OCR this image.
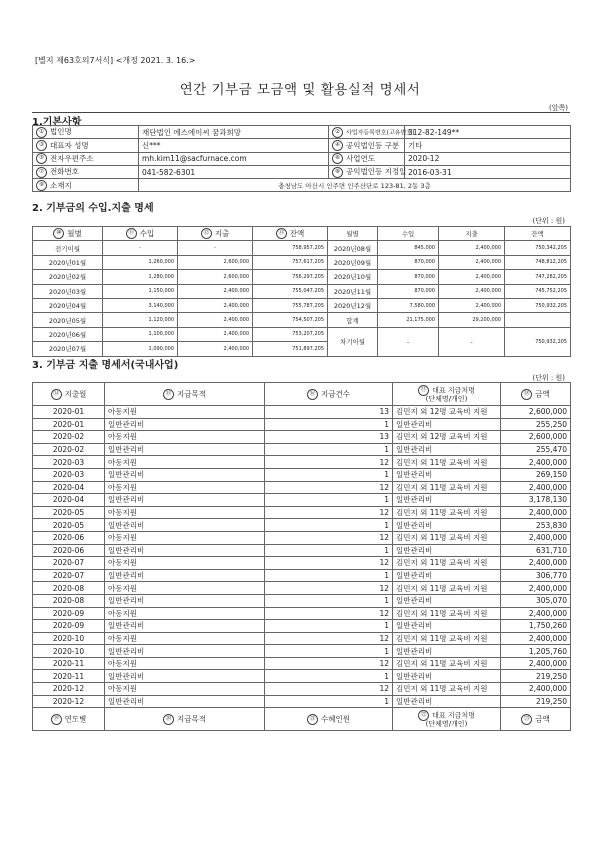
[별지 제63호의7서식] <개정 2021. 3. 16.>
연간 기부금 모금액 및 활용실적 명세서
(앞쪽)
1.기본사항
① 법인명	재단법인 에스에이씨 꿈과희망	② 사업자등록번호(고유번호)	312-82-149**
③ 대표자 성명	신***	④ 공익법인등 구분	기타
⑤ 전자우편주소	mh.kim11@sacfurnace.com	⑥ 사업연도	2020-12
⑦ 전화번호	041-582-6301	⑧ 공익법인등 지정일	2016-03-31
⑨ 소재지	충청남도 아산시 인주면 인주산단로 123-81, 2동 3층		
2. 기부금의 수입.지출 명세
(단위 : 원)
⑩ 월별	⑪ 수입	⑫ 지출	⑬ 잔액	월별	수입	지출	잔액
전기이월	-	-	758,957,205	2020년08월	845,000	2,400,000	750,342,205
2020년01월	1,260,000	2,600,000	757,617,205	2020년09월	870,000	2,400,000	748,812,205
2020년02월	1,280,000	2,600,000	756,297,205	2020년10월	870,000	2,400,000	747,282,205
2020년03월	1,150,000	2,400,000	755,047,205	2020년11월	870,000	2,400,000	745,752,205
2020년04월	3,140,000	2,400,000	755,787,205	2020년12월	7,580,000	2,400,000	750,932,205
2020년05월	1,120,000	2,400,000	754,507,205	합계	21,175,000	29,200,000	
2020년06월	1,100,000	2,400,000	753,207,205	차기이월	-	-	750,932,205
2020년07월	1,090,000	2,400,000	751,897,205				
3. 기부금 지출 명세서(국내사업)
(단위 : 원)
⑭ 지출월	⑮ 지급목적	⑯ 지급건수	⑰ 대표 지급처명
(단체명/개인)	⑱ 금액
2020-01	아동지원	13	김민지 외 12명 교육비 지원	2,600,000
2020-01	일반관리비	1	일반관리비	255,250
2020-02	아동지원	13	김민지 외 12명 교육비 지원	2,600,000
2020-02	일반관리비	1	일반관리비	255,470
2020-03	아동지원	12	김민지 외 11명 교육비 지원	2,400,000
2020-03	일반관리비	1	일반관리비	269,150
2020-04	아동지원	12	김민지 외 11명 교육비 지원	2,400,000
2020-04	일반관리비	1	일반관리비	3,178,130
2020-05	아동지원	12	김민지 외 11명 교육비 지원	2,400,000
2020-05	일반관리비	1	일반관리비	253,830
2020-06	아동지원	12	김민지 외 11명 교육비 지원	2,400,000
2020-06	일반관리비	1	일반관리비	631,710
2020-07	아동지원	12	김민지 외 11명 교육비 지원	2,400,000
2020-07	일반관리비	1	일반관리비	306,770
2020-08	아동지원	12	김민지 외 11명 교육비 지원	2,400,000
2020-08	일반관리비	1	일반관리비	305,070
2020-09	아동지원	12	김민지 외 11명 교육비 지원	2,400,000
2020-09	일반관리비	1	일반관리비	1,750,260
2020-10	아동지원	12	김민지 외 11명 교육비 지원	2,400,000
2020-10	일반관리비	1	일반관리비	1,205,760
2020-11	아동지원	12	김민지 외 11명 교육비 지원	2,400,000
2020-11	일반관리비	1	일반관리비	219,250
2020-12	아동지원	12	김민지 외 11명 교육비 지원	2,400,000
2020-12	일반관리비	1	일반관리비	219,250
⑲ 연도별	⑳ 지급목적	㉑ 수혜인원	㉒ 대표 지급처명
(단체명/개인)	㉓ 금액
